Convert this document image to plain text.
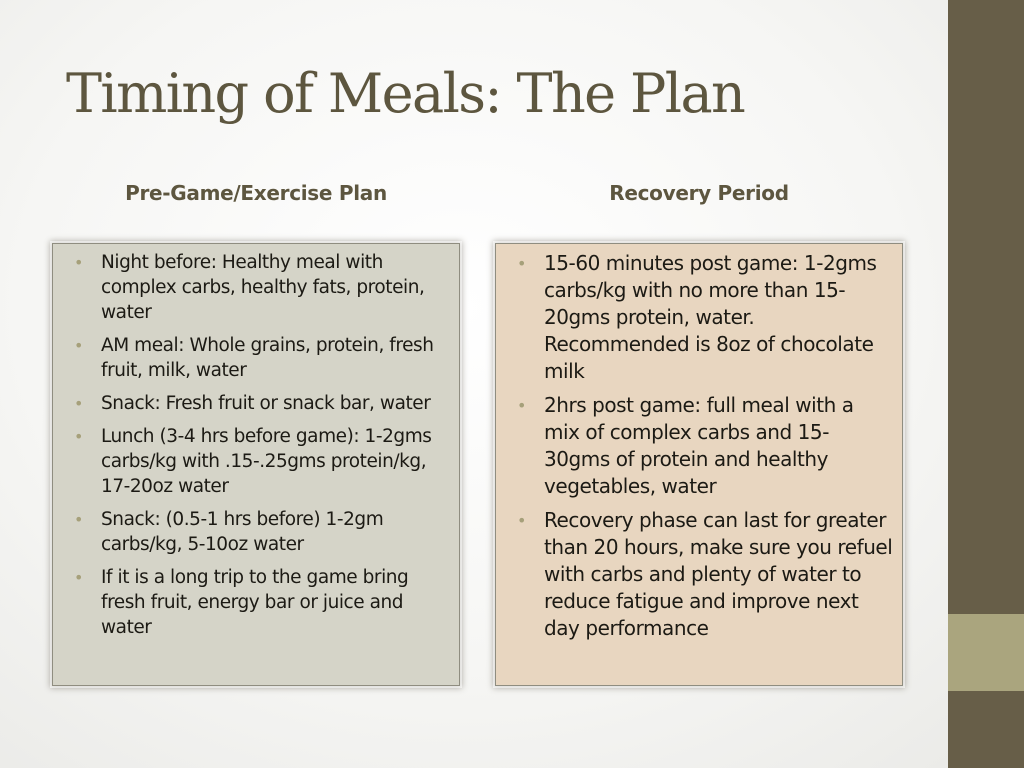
Timing of Meals: The Plan
Pre-Game/Exercise Plan	Recovery Period
• Night before: Healthy meal with complex carbs, healthy fats, protein, water
• AM meal: Whole grains, protein, fresh fruit, milk, water
• Snack: Fresh fruit or snack bar, water
• Lunch (3-4 hrs before game): 1-2gms carbs/kg with .15-.25gms protein/kg, 17-20oz water
• Snack: (0.5-1 hrs before) 1-2gm carbs/kg, 5-10oz water
• If it is a long trip to the game bring fresh fruit, energy bar or juice and water
• 15-60 minutes post game: 1-2gms carbs/kg with no more than 15-20gms protein, water. Recommended is 8oz of chocolate milk
• 2hrs post game: full meal with a mix of complex carbs and 15-30gms of protein and healthy vegetables, water
• Recovery phase can last for greater than 20 hours, make sure you refuel with carbs and plenty of water to reduce fatigue and improve next day performance
